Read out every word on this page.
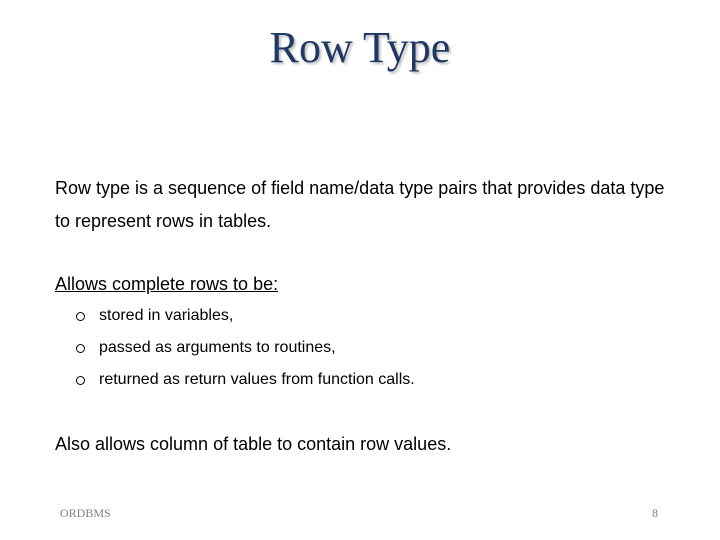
Row Type
Row type is a sequence of field name/data type pairs that provides data type to represent rows in tables.
Allows complete rows to be:
stored in variables,
passed as arguments to routines,
returned as return values from function calls.
Also allows column of table to contain row values.
ORDBMS	8
